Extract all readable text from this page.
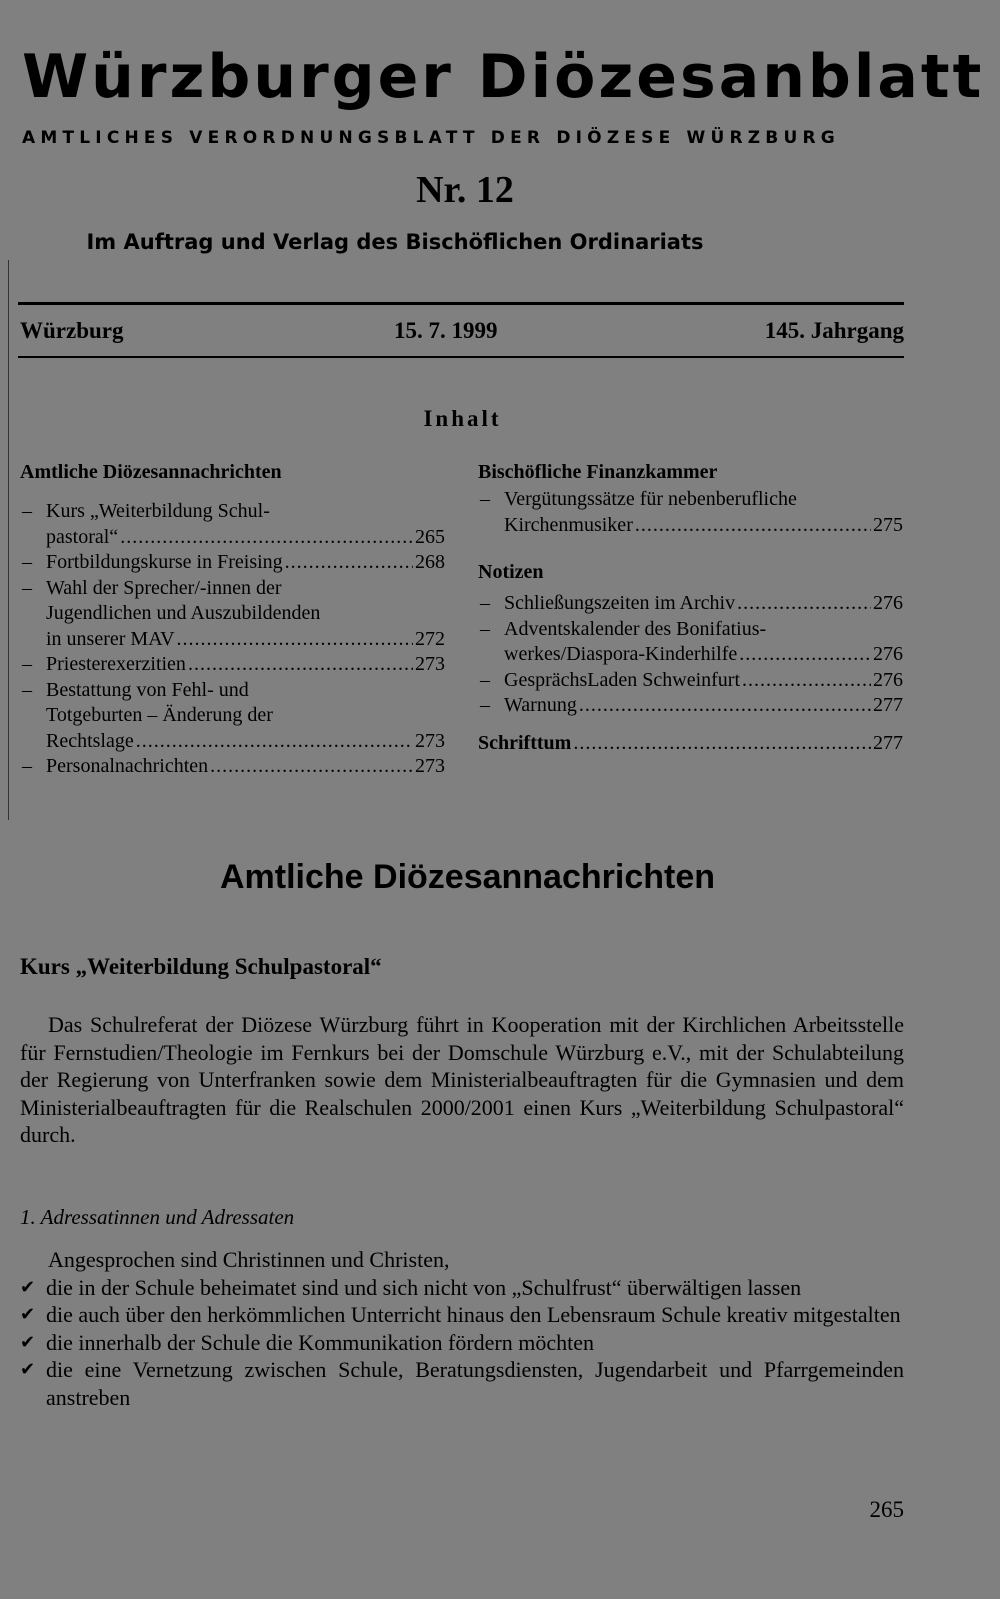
Würzburger Diözesanblatt
AMTLICHES VERORDNUNGSBLATT DER DIÖZESE WÜRZBURG
Nr. 12
Im Auftrag und Verlag des Bischöflichen Ordinariats
Würzburg	15. 7. 1999	145. Jahrgang
Inhalt
Amtliche Diözesannachrichten
– Kurs „Weiterbildung Schul-
pastoral“ . . .	265
– Fortbildungskurse in Freising . . .	268
– Wahl der Sprecher/-innen der
Jugendlichen und Auszubildenden
in unserer MAV . . .	272
– Priesterexerzitien . . .	273
– Bestattung von Fehl- und
Totgeburten – Änderung der
Rechtslage . . .	273
– Personalnachrichten . . .	273
Bischöfliche Finanzkammer
– Vergütungssätze für nebenberufliche
Kirchenmusiker . . .	275
Notizen
– Schließungszeiten im Archiv . . .	276
– Adventskalender des Bonifatius-
werkes/Diaspora-Kinderhilfe . . .	276
– GesprächsLaden Schweinfurt . . .	276
– Warnung . . .	277
Schrifttum . . .	277
Amtliche Diözesannachrichten
Kurs „Weiterbildung Schulpastoral“

Das Schulreferat der Diözese Würzburg führt in Kooperation mit der Kirchlichen Arbeitsstelle für Fernstudien/Theologie im Fernkurs bei der Domschule Würzburg e.V., mit der Schulabteilung der Regierung von Unterfranken sowie dem Ministerialbeauftragten für die Gymnasien und dem Ministerialbeauftragten für die Realschulen 2000/2001 einen Kurs „Weiterbildung Schulpastoral“ durch.

1. Adressatinnen und Adressaten
Angesprochen sind Christinnen und Christen,
✔ die in der Schule beheimatet sind und sich nicht von „Schulfrust“ überwältigen lassen
✔ die auch über den herkömmlichen Unterricht hinaus den Lebensraum Schule kreativ mitgestalten
✔ die innerhalb der Schule die Kommunikation fördern möchten
✔ die eine Vernetzung zwischen Schule, Beratungsdiensten, Jugendarbeit und Pfarrgemeinden anstreben
265
